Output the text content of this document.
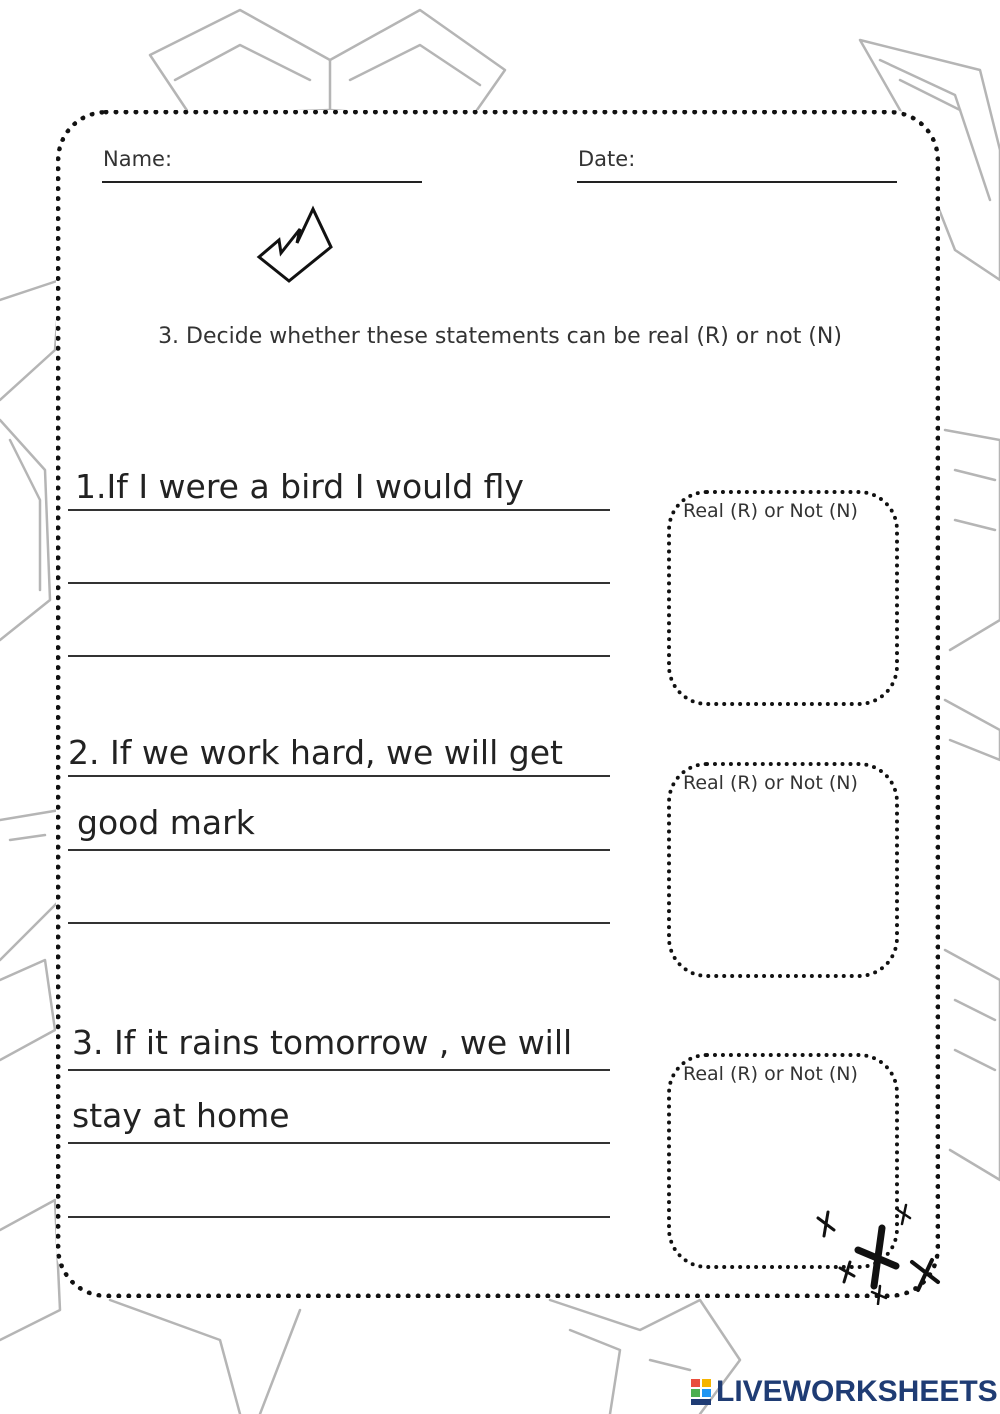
Name:	Date:
3. Decide whether these statements can be real (R) or not (N)
1.If I were a bird I would fly
Real (R) or Not (N)
2. If we work hard, we will get
good mark
Real (R) or Not (N)
3. If it rains tomorrow , we will
stay at home
Real (R) or Not (N)
LIVEWORKSHEETS
